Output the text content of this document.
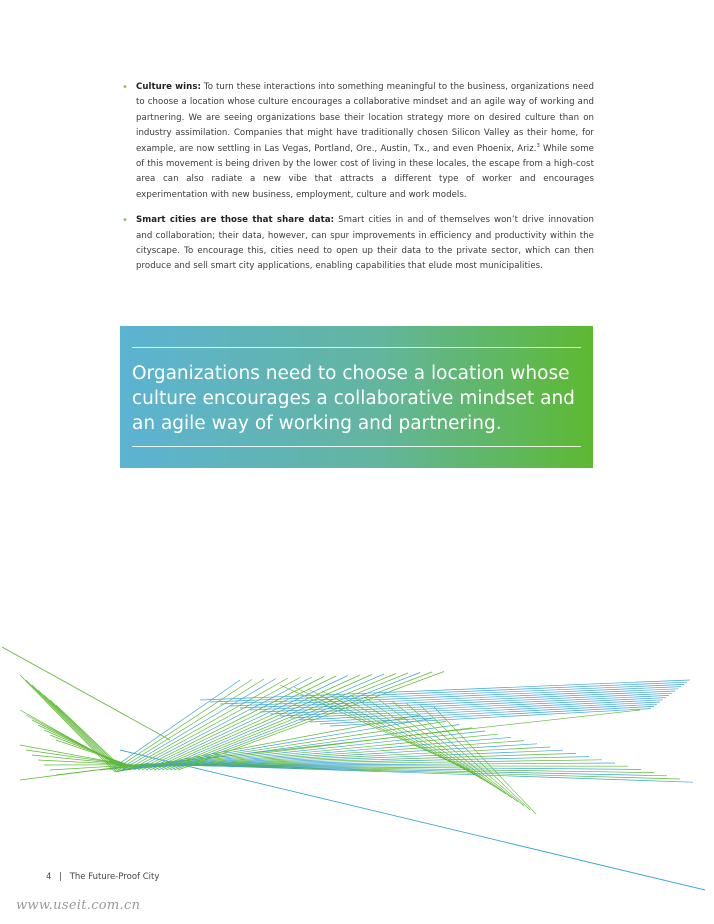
• Culture wins: To turn these interactions into something meaningful to the business, organizations need to choose a location whose culture encourages a collaborative mindset and an agile way of working and partnering. We are seeing organizations base their location strategy more on desired culture than on industry assimilation. Companies that might have traditionally chosen Silicon Valley as their home, for example, are now settling in Las Vegas, Portland, Ore., Austin, Tx., and even Phoenix, Ariz.$^3$ While some of this movement is being driven by the lower cost of living in these locales, the escape from a high-cost area can also radiate a new vibe that attracts a different type of worker and encourages experimentation with new business, employment, culture and work models.
• Smart cities are those that share data: Smart cities in and of themselves won’t drive innovation and collaboration; their data, however, can spur improvements in efficiency and productivity within the cityscape. To encourage this, cities need to open up their data to the private sector, which can then produce and sell smart city applications, enabling capabilities that elude most municipalities.
Organizations need to choose a location whose culture encourages a collaborative mindset and an agile way of working and partnering.
4 | The Future-Proof City
www.useit.com.cn
